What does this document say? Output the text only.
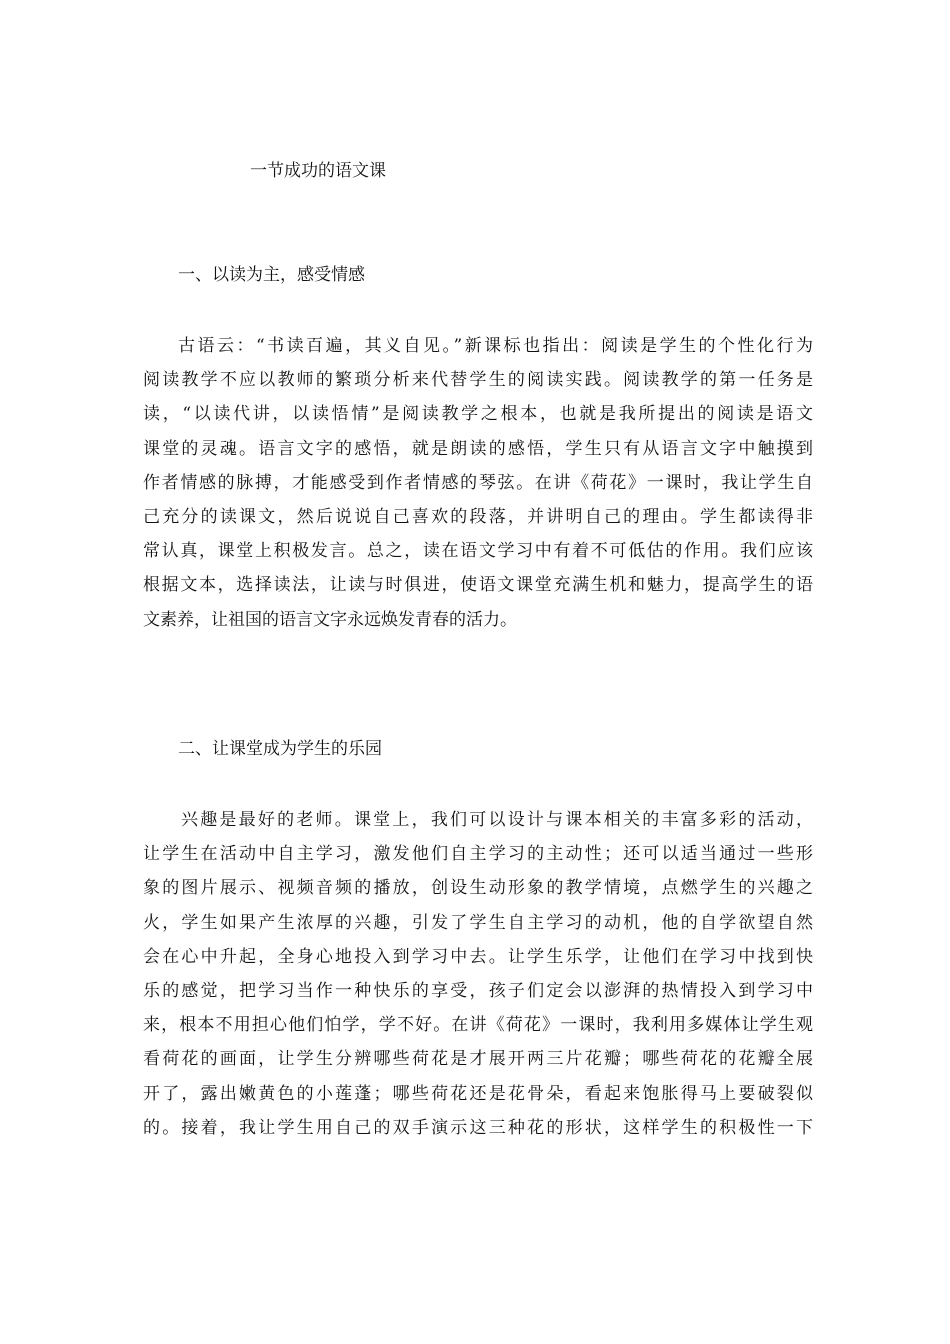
一节成功的语文课
一、以读为主，感受情感
古语云：“书读百遍，其义自见。”新课标也指出：阅读是学生的个性化行为
阅读教学不应以教师的繁琐分析来代替学生的阅读实践。阅读教学的第一任务是
读，“以读代讲，以读悟情”是阅读教学之根本，也就是我所提出的阅读是语文
课堂的灵魂。语言文字的感悟，就是朗读的感悟，学生只有从语言文字中触摸到
作者情感的脉搏，才能感受到作者情感的琴弦。在讲《荷花》一课时，我让学生自
己充分的读课文，然后说说自己喜欢的段落，并讲明自己的理由。学生都读得非
常认真，课堂上积极发言。总之，读在语文学习中有着不可低估的作用。我们应该
根据文本，选择读法，让读与时俱进，使语文课堂充满生机和魅力，提高学生的语
文素养，让祖国的语言文字永远焕发青春的活力。
二、让课堂成为学生的乐园
兴趣是最好的老师。课堂上，我们可以设计与课本相关的丰富多彩的活动，
让学生在活动中自主学习，激发他们自主学习的主动性；还可以适当通过一些形
象的图片展示、视频音频的播放，创设生动形象的教学情境，点燃学生的兴趣之
火，学生如果产生浓厚的兴趣，引发了学生自主学习的动机，他的自学欲望自然
会在心中升起，全身心地投入到学习中去。让学生乐学，让他们在学习中找到快
乐的感觉，把学习当作一种快乐的享受，孩子们定会以澎湃的热情投入到学习中
来，根本不用担心他们怕学，学不好。在讲《荷花》一课时，我利用多媒体让学生观
看荷花的画面，让学生分辨哪些荷花是才展开两三片花瓣；哪些荷花的花瓣全展
开了，露出嫩黄色的小莲蓬；哪些荷花还是花骨朵，看起来饱胀得马上要破裂似
的。接着，我让学生用自己的双手演示这三种花的形状，这样学生的积极性一下
